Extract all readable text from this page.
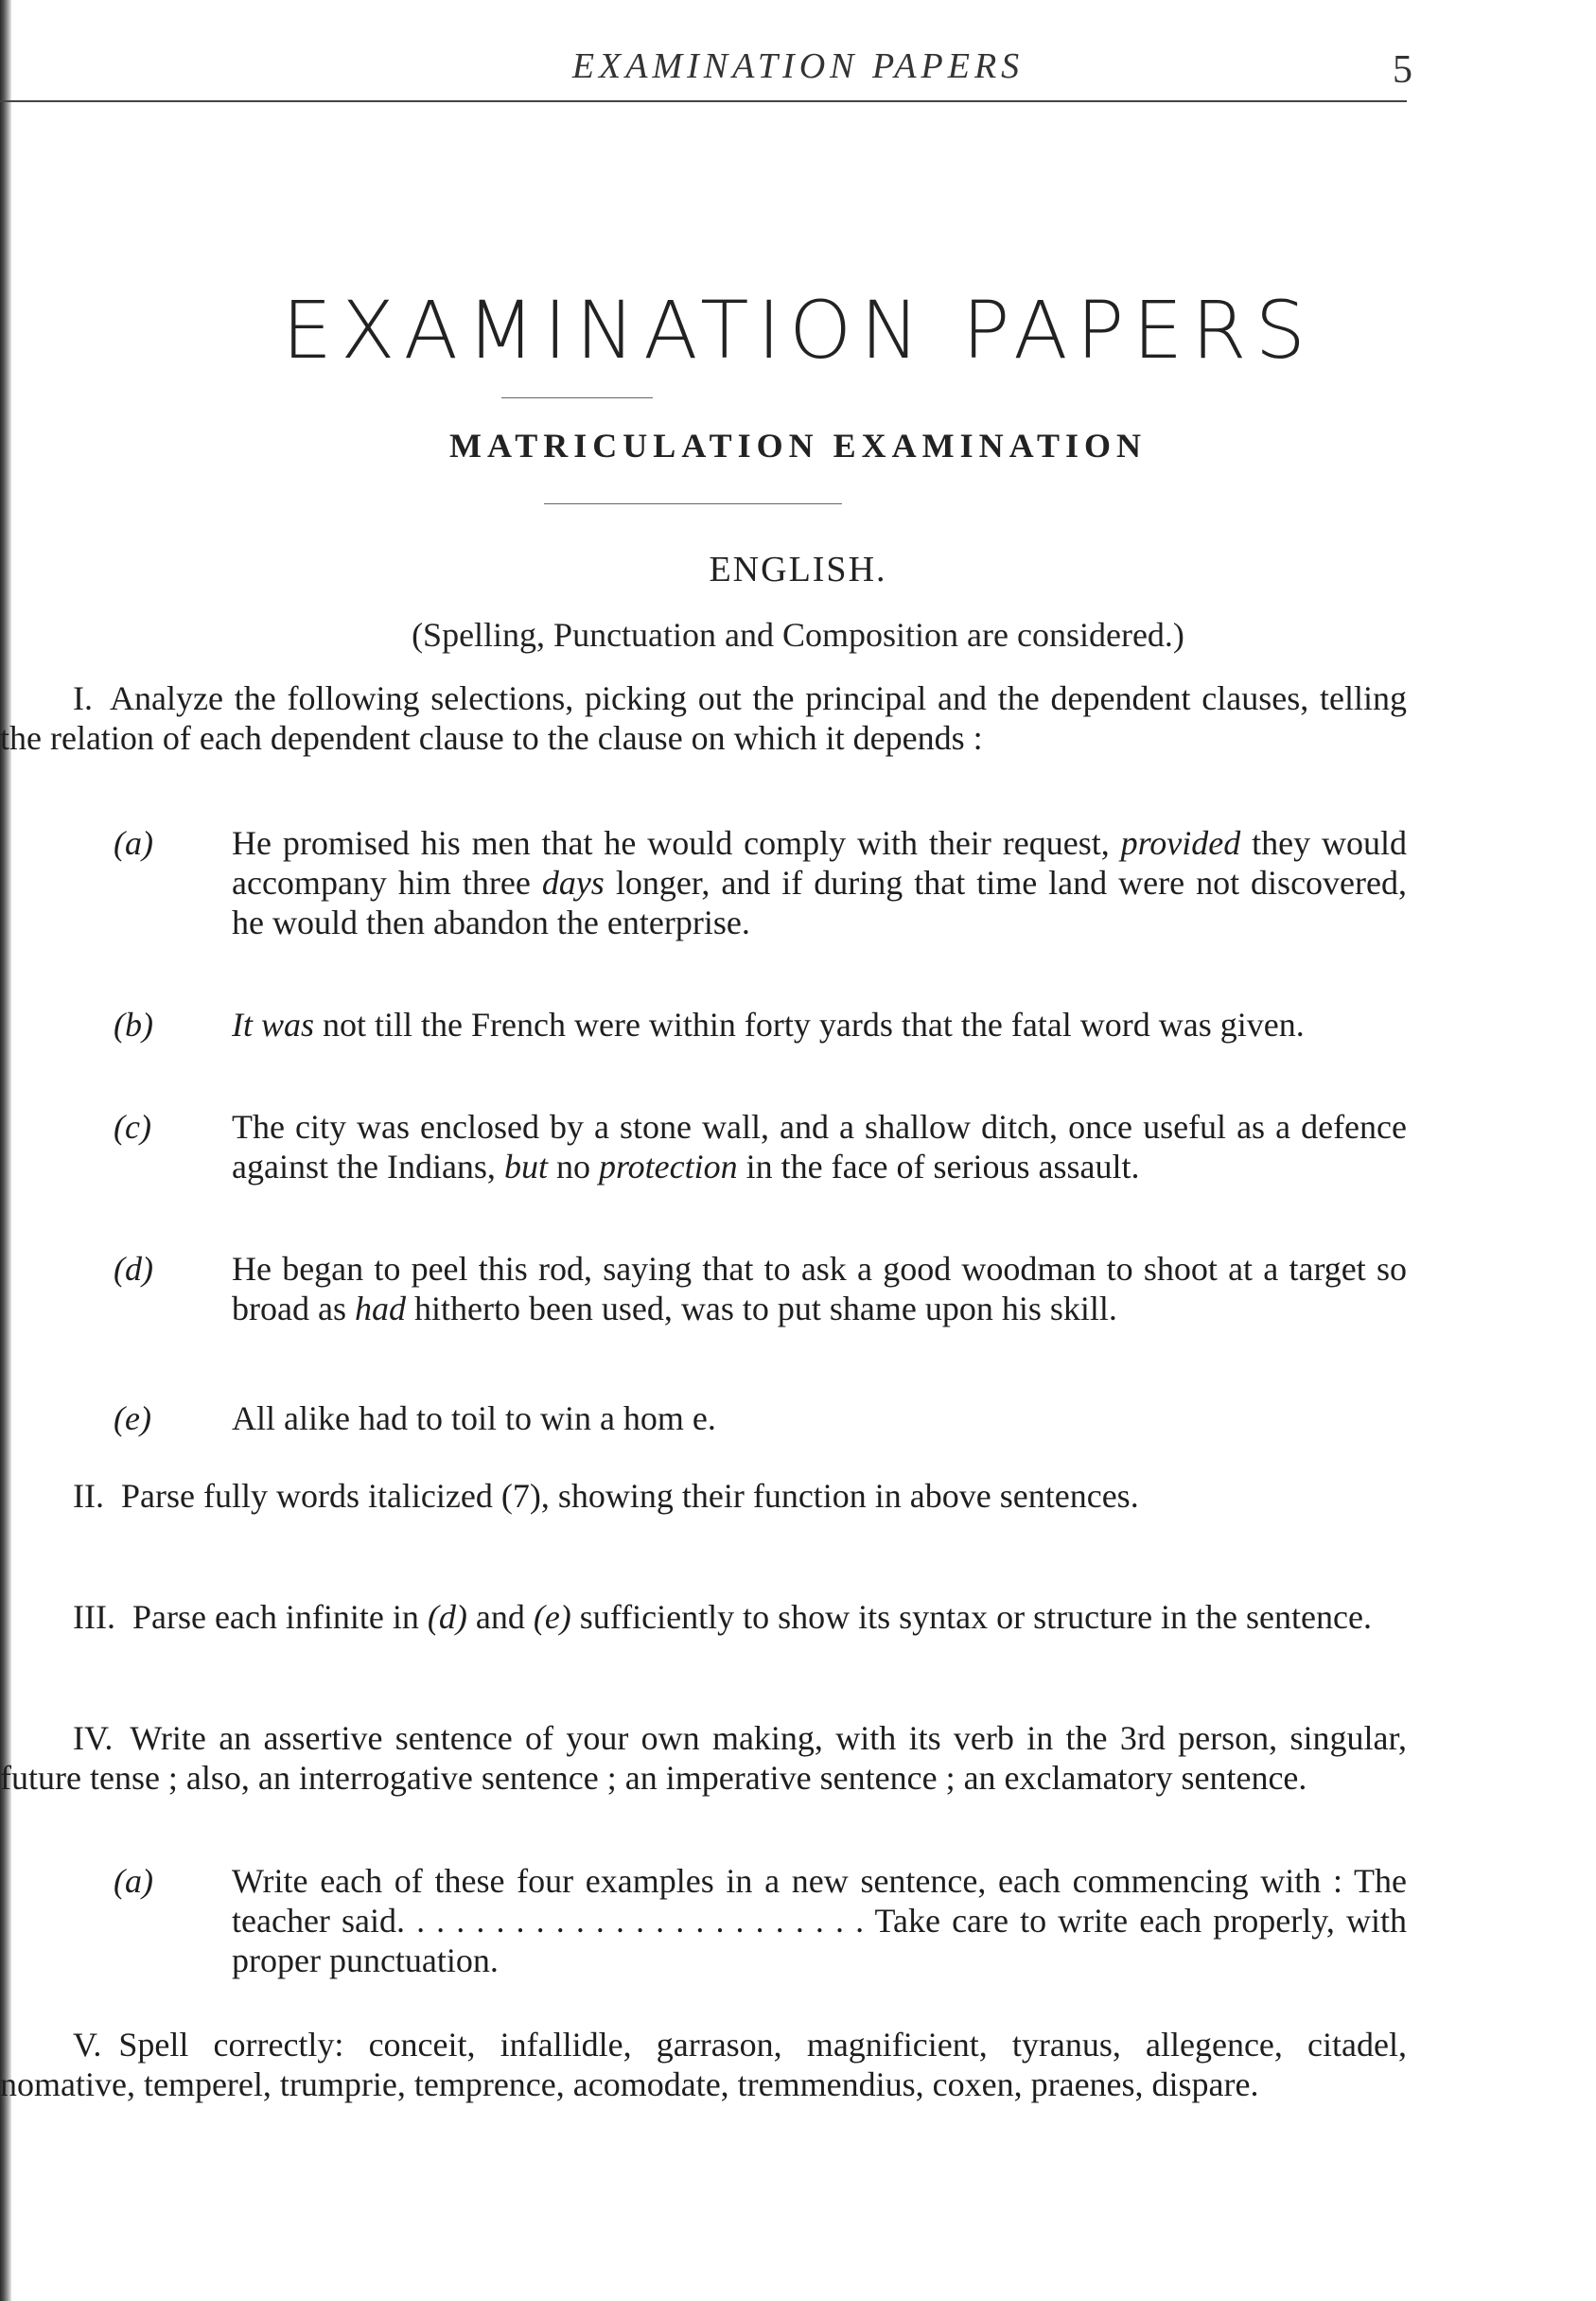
EXAMINATION PAPERS	5
EXAMINATION PAPERS
MATRICULATION EXAMINATION
ENGLISH.
(Spelling, Punctuation and Composition are considered.)

I. Analyze the following selections, picking out the principal and the dependent clauses, telling the relation of each dependent clause to the clause on which it depends :

(a) He promised his men that he would comply with their request, provided they would accompany him three days longer, and if during that time land were not discovered, he would then abandon the enterprise.

(b) It was not till the French were within forty yards that the fatal word was given.

(c) The city was enclosed by a stone wall, and a shallow ditch, once useful as a defence against the Indians, but no protection in the face of serious assault.

(d) He began to peel this rod, saying that to ask a good woodman to shoot at a target so broad as had hitherto been used, was to put shame upon his skill.

(e) All alike had to toil to win a hom e.

II. Parse fully words italicized (7), showing their function in above sentences.

III. Parse each infinite in (d) and (e) sufficiently to show its syntax or structure in the sentence.

IV. Write an assertive sentence of your own making, with its verb in the 3rd person, singular, future tense ; also, an interrogative sentence ; an imperative sentence ; an exclamatory sentence.

(a) Write each of these four examples in a new sentence, each commencing with : The teacher said. . . . . . . . . . . . . . . . . . . . . . . . Take care to write each properly, with proper punctuation.

V. Spell correctly: conceit, infallidle, garrason, magnificient, tyranus, allegence, citadel, nomative, temperel, trumprie, temprence, acomodate, tremmendius, coxen, praenes, dispare.
